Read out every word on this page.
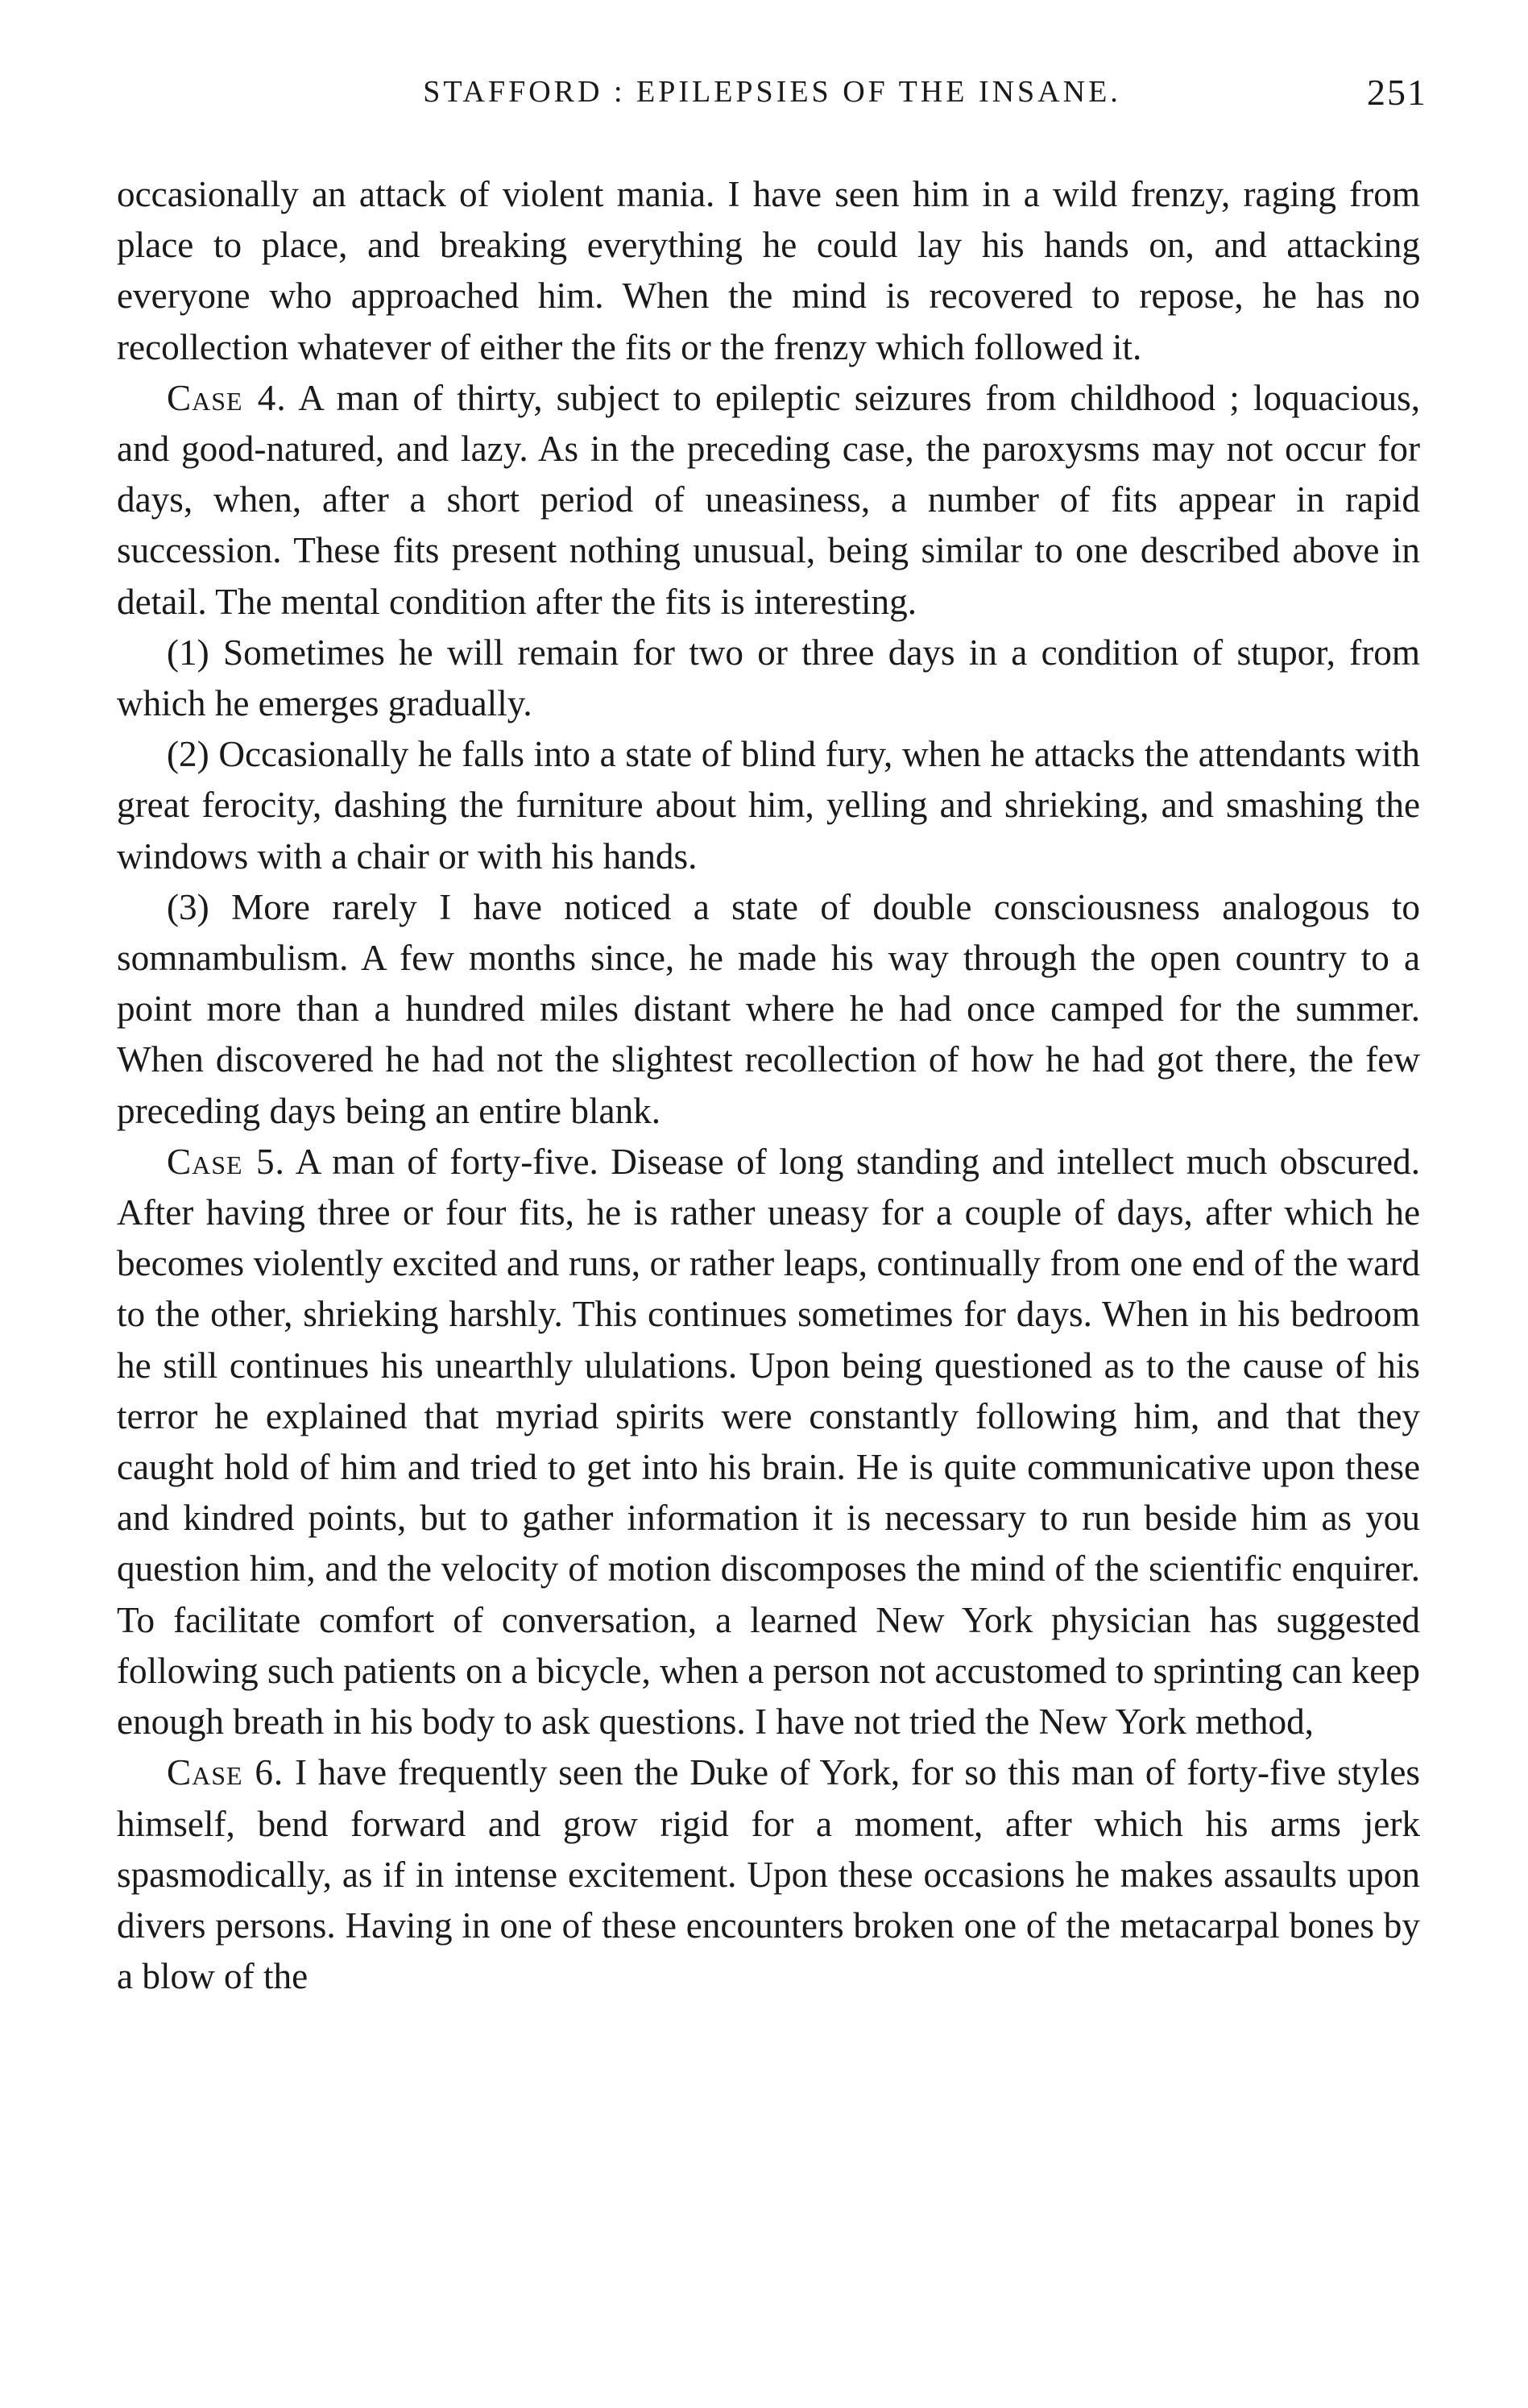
STAFFORD : EPILEPSIES OF THE INSANE.	251

occasionally an attack of violent mania. I have seen him in a wild frenzy, raging from place to place, and breaking everything he could lay his hands on, and attacking everyone who approached him. When the mind is recovered to repose, he has no recollection whatever of either the fits or the frenzy which followed it.

Case 4. A man of thirty, subject to epileptic seizures from childhood ; loquacious, and good-natured, and lazy. As in the preceding case, the paroxysms may not occur for days, when, after a short period of uneasiness, a number of fits appear in rapid succession. These fits present nothing unusual, being similar to one described above in detail. The mental condition after the fits is interesting.

(1) Sometimes he will remain for two or three days in a condition of stupor, from which he emerges gradually.

(2) Occasionally he falls into a state of blind fury, when he attacks the attendants with great ferocity, dashing the furniture about him, yelling and shrieking, and smashing the windows with a chair or with his hands.

(3) More rarely I have noticed a state of double consciousness analogous to somnambulism. A few months since, he made his way through the open country to a point more than a hundred miles distant where he had once camped for the summer. When discovered he had not the slightest recollection of how he had got there, the few preceding days being an entire blank.

Case 5. A man of forty-five. Disease of long standing and intellect much obscured. After having three or four fits, he is rather uneasy for a couple of days, after which he becomes violently excited and runs, or rather leaps, continually from one end of the ward to the other, shrieking harshly. This continues sometimes for days. When in his bedroom he still continues his unearthly ululations. Upon being questioned as to the cause of his terror he explained that myriad spirits were constantly following him, and that they caught hold of him and tried to get into his brain. He is quite communicative upon these and kindred points, but to gather information it is necessary to run beside him as you question him, and the velocity of motion discomposes the mind of the scientific enquirer. To facilitate comfort of conversation, a learned New York physician has suggested following such patients on a bicycle, when a person not accustomed to sprinting can keep enough breath in his body to ask questions. I have not tried the New York method,

Case 6. I have frequently seen the Duke of York, for so this man of forty-five styles himself, bend forward and grow rigid for a moment, after which his arms jerk spasmodically, as if in intense excitement. Upon these occasions he makes assaults upon divers persons. Having in one of these encounters broken one of the metacarpal bones by a blow of the
